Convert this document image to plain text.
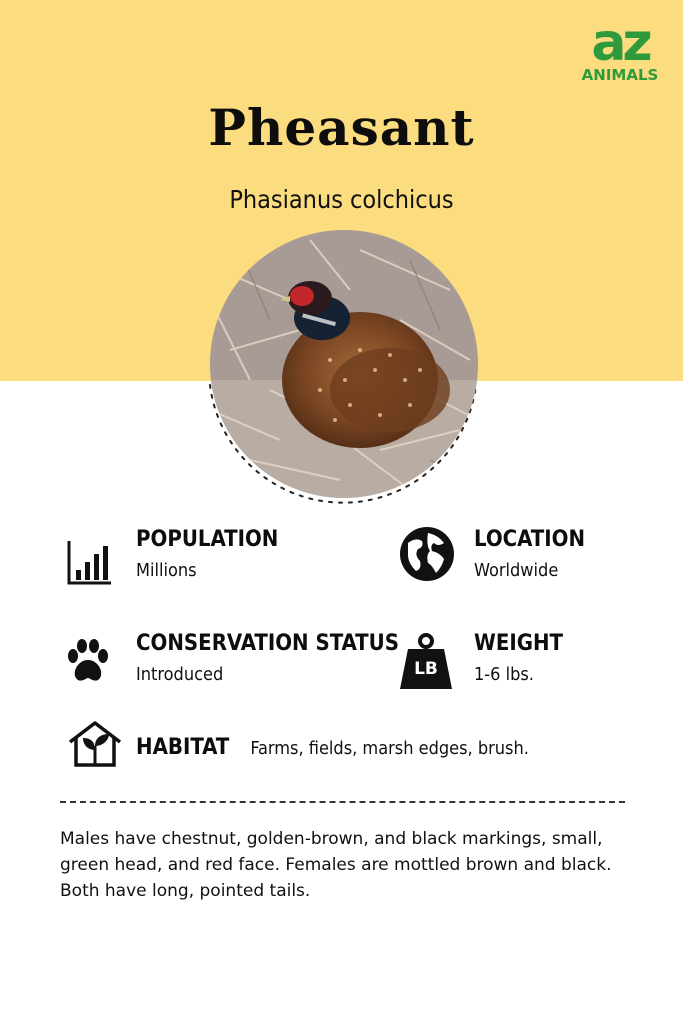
az
ANIMALS
Pheasant
Phasianus colchicus
POPULATION
Millions
LOCATION
Worldwide
CONSERVATION STATUS
Introduced	LB
WEIGHT
1-6 lbs.
HABITAT Farms, fields, marsh edges, brush.
Males have chestnut, golden-brown, and black markings, small, green head, and red face. Females are mottled brown and black. Both have long, pointed tails.
